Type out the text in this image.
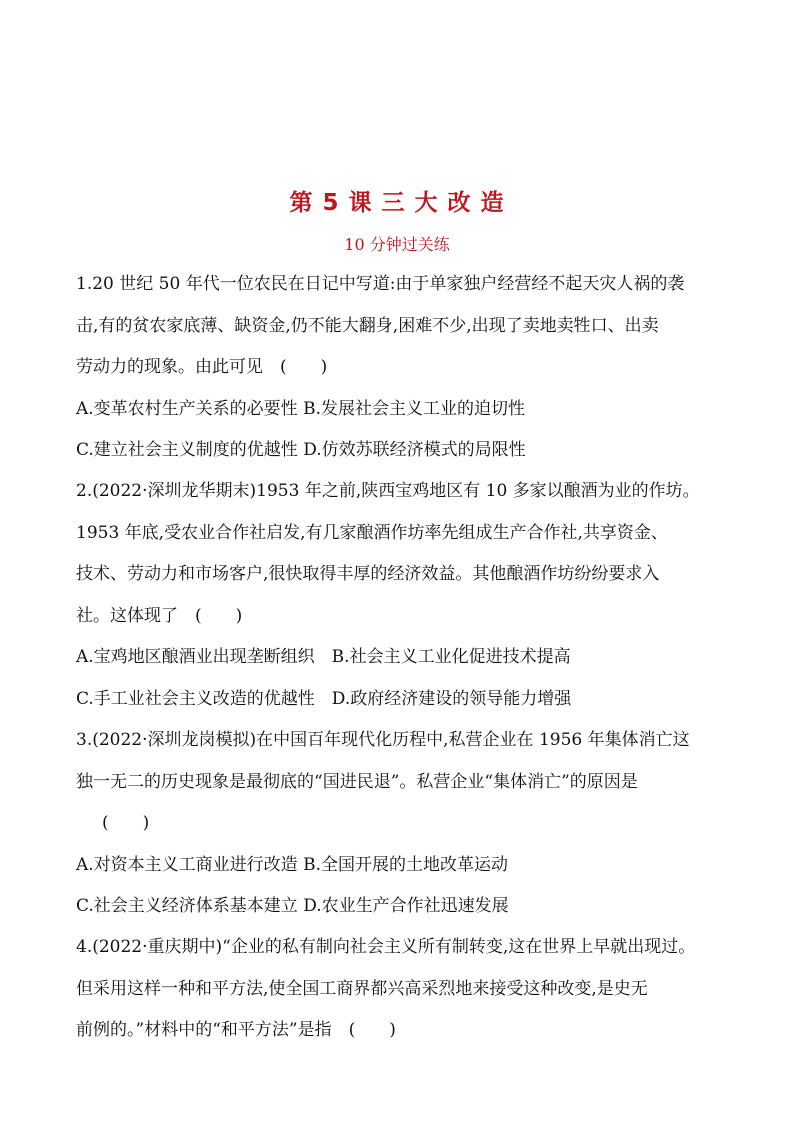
第 5 课 三 大 改 造
10 分钟过关练
1.20 世纪 50 年代一位农民在日记中写道:由于单家独户经营经不起天灾人祸的袭
击,有的贫农家底薄、缺资金,仍不能大翻身,困难不少,出现了卖地卖牲口、出卖
劳动力的现象。由此可见　(　　)
A.变革农村生产关系的必要性 B.发展社会主义工业的迫切性
C.建立社会主义制度的优越性 D.仿效苏联经济模式的局限性
2.(2022·深圳龙华期末)1953 年之前,陕西宝鸡地区有 10 多家以酿酒为业的作坊。
1953 年底,受农业合作社启发,有几家酿酒作坊率先组成生产合作社,共享资金、
技术、劳动力和市场客户,很快取得丰厚的经济效益。其他酿酒作坊纷纷要求入
社。这体现了　(　　)
A.宝鸡地区酿酒业出现垄断组织　B.社会主义工业化促进技术提高
C.手工业社会主义改造的优越性　D.政府经济建设的领导能力增强
3.(2022·深圳龙岗模拟)在中国百年现代化历程中,私营企业在 1956 年集体消亡这
独一无二的历史现象是最彻底的“国进民退”。私营企业“集体消亡”的原因是
(　　)
A.对资本主义工商业进行改造 B.全国开展的土地改革运动
C.社会主义经济体系基本建立 D.农业生产合作社迅速发展
4.(2022·重庆期中)“企业的私有制向社会主义所有制转变,这在世界上早就出现过。
但采用这样一种和平方法,使全国工商界都兴高采烈地来接受这种改变,是史无
前例的。”材料中的“和平方法”是指　(　　)
